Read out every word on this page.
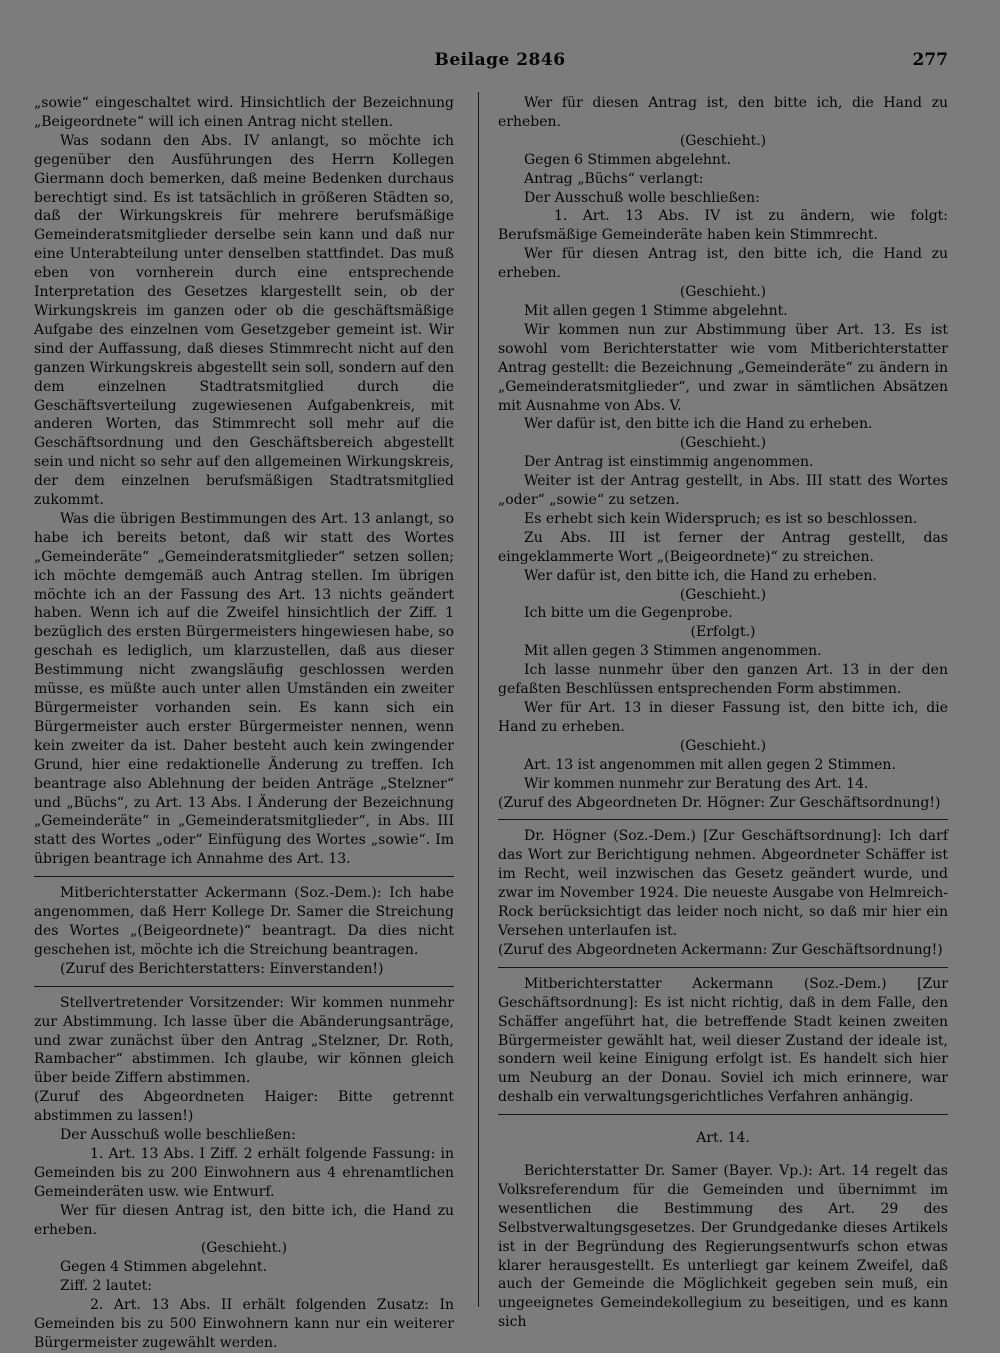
Beilage 2846	277

„sowie“ eingeschaltet wird. Hinsichtlich der Bezeichnung „Beigeordnete“ will ich einen Antrag nicht stellen.

Was sodann den Abs. IV anlangt, so möchte ich gegenüber den Ausführungen des Herrn Kollegen Giermann doch bemerken, daß meine Bedenken durchaus berechtigt sind. Es ist tatsächlich in größeren Städten so, daß der Wirkungskreis für mehrere berufsmäßige Gemeinderatsmitglieder derselbe sein kann und daß nur eine Unterabteilung unter denselben stattfindet. Das muß eben von vornherein durch eine entsprechende Interpretation des Gesetzes klargestellt sein, ob der Wirkungskreis im ganzen oder ob die geschäftsmäßige Aufgabe des einzelnen vom Gesetzgeber gemeint ist. Wir sind der Auffassung, daß dieses Stimmrecht nicht auf den ganzen Wirkungskreis abgestellt sein soll, sondern auf den dem einzelnen Stadtratsmitglied durch die Geschäftsverteilung zugewiesenen Aufgabenkreis, mit anderen Worten, das Stimmrecht soll mehr auf die Geschäftsordnung und den Geschäftsbereich abgestellt sein und nicht so sehr auf den allgemeinen Wirkungskreis, der dem einzelnen berufsmäßigen Stadtratsmitglied zukommt.

Was die übrigen Bestimmungen des Art. 13 anlangt, so habe ich bereits betont, daß wir statt des Wortes „Gemeinderäte“ „Gemeinderatsmitglieder“ setzen sollen; ich möchte demgemäß auch Antrag stellen. Im übrigen möchte ich an der Fassung des Art. 13 nichts geändert haben. Wenn ich auf die Zweifel hinsichtlich der Ziff. 1 bezüglich des ersten Bürgermeisters hingewiesen habe, so geschah es lediglich, um klarzustellen, daß aus dieser Bestimmung nicht zwangsläufig geschlossen werden müsse, es müßte auch unter allen Umständen ein zweiter Bürgermeister vorhanden sein. Es kann sich ein Bürgermeister auch erster Bürgermeister nennen, wenn kein zweiter da ist. Daher besteht auch kein zwingender Grund, hier eine redaktionelle Änderung zu treffen. Ich beantrage also Ablehnung der beiden Anträge „Stelzner“ und „Büchs“, zu Art. 13 Abs. I Änderung der Bezeichnung „Gemeinderäte“ in „Gemeinderatsmitglieder“, in Abs. III statt des Wortes „oder“ Einfügung des Wortes „sowie“. Im übrigen beantrage ich Annahme des Art. 13.

Mitberichterstatter Ackermann (Soz.-Dem.): Ich habe angenommen, daß Herr Kollege Dr. Samer die Streichung des Wortes „(Beigeordnete)“ beantragt. Da dies nicht geschehen ist, möchte ich die Streichung beantragen.

(Zuruf des Berichterstatters: Einverstanden!)

Stellvertretender Vorsitzender: Wir kommen nunmehr zur Abstimmung. Ich lasse über die Abänderungsanträge, und zwar zunächst über den Antrag „Stelzner, Dr. Roth, Rambacher“ abstimmen. Ich glaube, wir können gleich über beide Ziffern abstimmen.

(Zuruf des Abgeordneten Haiger: Bitte getrennt abstimmen zu lassen!)

Der Ausschuß wolle beschließen:

1. Art. 13 Abs. I Ziff. 2 erhält folgende Fassung: in Gemeinden bis zu 200 Einwohnern aus 4 ehrenamtlichen Gemeinderäten usw. wie Entwurf.

Wer für diesen Antrag ist, den bitte ich, die Hand zu erheben.

(Geschieht.)

Gegen 4 Stimmen abgelehnt.

Ziff. 2 lautet:

2. Art. 13 Abs. II erhält folgenden Zusatz: In Gemeinden bis zu 500 Einwohnern kann nur ein weiterer Bürgermeister zugewählt werden.

Wer für diesen Antrag ist, den bitte ich, die Hand zu erheben.

(Geschieht.)

Gegen 6 Stimmen abgelehnt.

Antrag „Büchs“ verlangt:

Der Ausschuß wolle beschließen:

1. Art. 13 Abs. IV ist zu ändern, wie folgt: Berufsmäßige Gemeinderäte haben kein Stimmrecht.

Wer für diesen Antrag ist, den bitte ich, die Hand zu erheben.

(Geschieht.)

Mit allen gegen 1 Stimme abgelehnt.

Wir kommen nun zur Abstimmung über Art. 13. Es ist sowohl vom Berichterstatter wie vom Mitberichterstatter Antrag gestellt: die Bezeichnung „Gemeinderäte“ zu ändern in „Gemeinderatsmitglieder“, und zwar in sämtlichen Absätzen mit Ausnahme von Abs. V.

Wer dafür ist, den bitte ich die Hand zu erheben.

(Geschieht.)

Der Antrag ist einstimmig angenommen.

Weiter ist der Antrag gestellt, in Abs. III statt des Wortes „oder“ „sowie“ zu setzen.

Es erhebt sich kein Widerspruch; es ist so beschlossen.

Zu Abs. III ist ferner der Antrag gestellt, das eingeklammerte Wort „(Beigeordnete)“ zu streichen.

Wer dafür ist, den bitte ich, die Hand zu erheben.

(Geschieht.)

Ich bitte um die Gegenprobe.

(Erfolgt.)

Mit allen gegen 3 Stimmen angenommen.

Ich lasse nunmehr über den ganzen Art. 13 in der den gefaßten Beschlüssen entsprechenden Form abstimmen.

Wer für Art. 13 in dieser Fassung ist, den bitte ich, die Hand zu erheben.

(Geschieht.)

Art. 13 ist angenommen mit allen gegen 2 Stimmen.

Wir kommen nunmehr zur Beratung des Art. 14.

(Zuruf des Abgeordneten Dr. Högner: Zur Geschäftsordnung!)

Dr. Högner (Soz.-Dem.) [Zur Geschäftsordnung]: Ich darf das Wort zur Berichtigung nehmen. Abgeordneter Schäffer ist im Recht, weil inzwischen das Gesetz geändert wurde, und zwar im November 1924. Die neueste Ausgabe von Helmreich-Rock berücksichtigt das leider noch nicht, so daß mir hier ein Versehen unterlaufen ist.

(Zuruf des Abgeordneten Ackermann: Zur Geschäftsordnung!)

Mitberichterstatter Ackermann (Soz.-Dem.) [Zur Geschäftsordnung]: Es ist nicht richtig, daß in dem Falle, den Schäffer angeführt hat, die betreffende Stadt keinen zweiten Bürgermeister gewählt hat, weil dieser Zustand der ideale ist, sondern weil keine Einigung erfolgt ist. Es handelt sich hier um Neuburg an der Donau. Soviel ich mich erinnere, war deshalb ein verwaltungsgerichtliches Verfahren anhängig.

Art. 14.

Berichterstatter Dr. Samer (Bayer. Vp.): Art. 14 regelt das Volksreferendum für die Gemeinden und übernimmt im wesentlichen die Bestimmung des Art. 29 des Selbstverwaltungsgesetzes. Der Grundgedanke dieses Artikels ist in der Begründung des Regierungsentwurfs schon etwas klarer herausgestellt. Es unterliegt gar keinem Zweifel, daß auch der Gemeinde die Möglichkeit gegeben sein muß, ein ungeeignetes Gemeindekollegium zu beseitigen, und es kann sich
